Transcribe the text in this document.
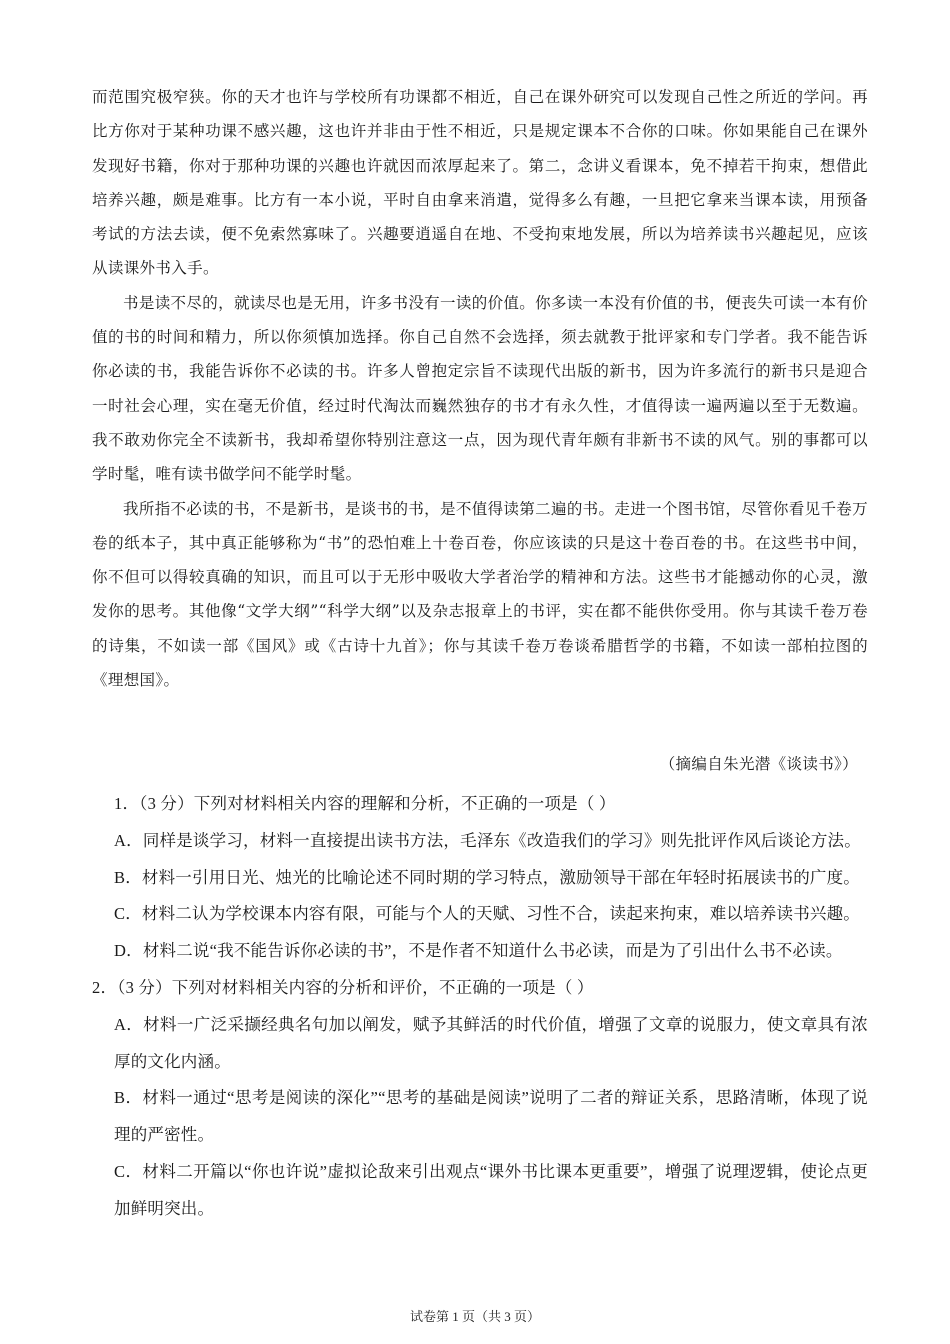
而范围究极窄狭。你的天才也许与学校所有功课都不相近，自己在课外研究可以发现自己性之所近的学问。再比方你对于某种功课不感兴趣，这也许并非由于性不相近，只是规定课本不合你的口味。你如果能自己在课外发现好书籍，你对于那种功课的兴趣也许就因而浓厚起来了。第二，念讲义看课本，免不掉若干拘束，想借此培养兴趣，颇是难事。比方有一本小说，平时自由拿来消遣，觉得多么有趣，一旦把它拿来当课本读，用预备考试的方法去读，便不免索然寡味了。兴趣要逍遥自在地、不受拘束地发展，所以为培养读书兴趣起见，应该从读课外书入手。

书是读不尽的，就读尽也是无用，许多书没有一读的价值。你多读一本没有价值的书，便丧失可读一本有价值的书的时间和精力，所以你须慎加选择。你自己自然不会选择，须去就教于批评家和专门学者。我不能告诉你必读的书，我能告诉你不必读的书。许多人曾抱定宗旨不读现代出版的新书，因为许多流行的新书只是迎合一时社会心理，实在毫无价值，经过时代淘汰而巍然独存的书才有永久性，才值得读一遍两遍以至于无数遍。我不敢劝你完全不读新书，我却希望你特别注意这一点，因为现代青年颇有非新书不读的风气。别的事都可以学时髦，唯有读书做学问不能学时髦。

我所指不必读的书，不是新书，是谈书的书，是不值得读第二遍的书。走进一个图书馆，尽管你看见千卷万卷的纸本子，其中真正能够称为“书”的恐怕难上十卷百卷，你应该读的只是这十卷百卷的书。在这些书中间，你不但可以得较真确的知识，而且可以于无形中吸收大学者治学的精神和方法。这些书才能撼动你的心灵，激发你的思考。其他像“文学大纲”“科学大纲”以及杂志报章上的书评，实在都不能供你受用。你与其读千卷万卷的诗集，不如读一部《国风》或《古诗十九首》；你与其读千卷万卷谈希腊哲学的书籍，不如读一部柏拉图的《理想国》。

（摘编自朱光潜《谈读书》）

1．（3 分）下列对材料相关内容的理解和分析，不正确的一项是（ ）

A．同样是谈学习，材料一直接提出读书方法，毛泽东《改造我们的学习》则先批评作风后谈论方法。

B．材料一引用日光、烛光的比喻论述不同时期的学习特点，激励领导干部在年轻时拓展读书的广度。

C．材料二认为学校课本内容有限，可能与个人的天赋、习性不合，读起来拘束，难以培养读书兴趣。

D．材料二说“我不能告诉你必读的书”，不是作者不知道什么书必读，而是为了引出什么书不必读。

2．（3 分）下列对材料相关内容的分析和评价，不正确的一项是（ ）

A．材料一广泛采撷经典名句加以阐发，赋予其鲜活的时代价值，增强了文章的说服力，使文章具有浓厚的文化内涵。

B．材料一通过“思考是阅读的深化”“思考的基础是阅读”说明了二者的辩证关系，思路清晰，体现了说理的严密性。

C．材料二开篇以“你也许说”虚拟论敌来引出观点“课外书比课本更重要”，增强了说理逻辑，使论点更加鲜明突出。

试卷第 1 页（共 3 页）
